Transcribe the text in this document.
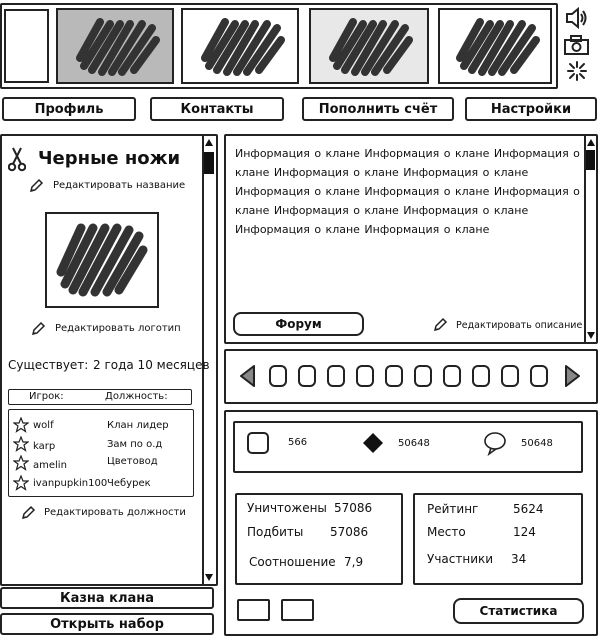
Профиль	Контакты	Пополнить счёт	Настройки
Черные ножи
Редактировать название
Редактировать логотип
Существует: 2 года 10 месяцев
Игрок:	Должность:
wolf	Клан лидер
karp	Зам по о.д
amelin	Цветовод
ivanpupkin100 Чебурек
Редактировать должности
Казна клана
Открыть набор
Информация о клане Информация о клане Информация о клане Информация о клане Информация о клане Информация о клане Информация о клане Информация о клане Информация о клане Информация о клане Информация о клане Информация о клане
Форум	Редактировать описание
566	50648	50648
Уничтожены 57086
Подбиты 57086
Соотношение 7,9
Рейтинг	5624
Место	124
Участники 34
Статистика
